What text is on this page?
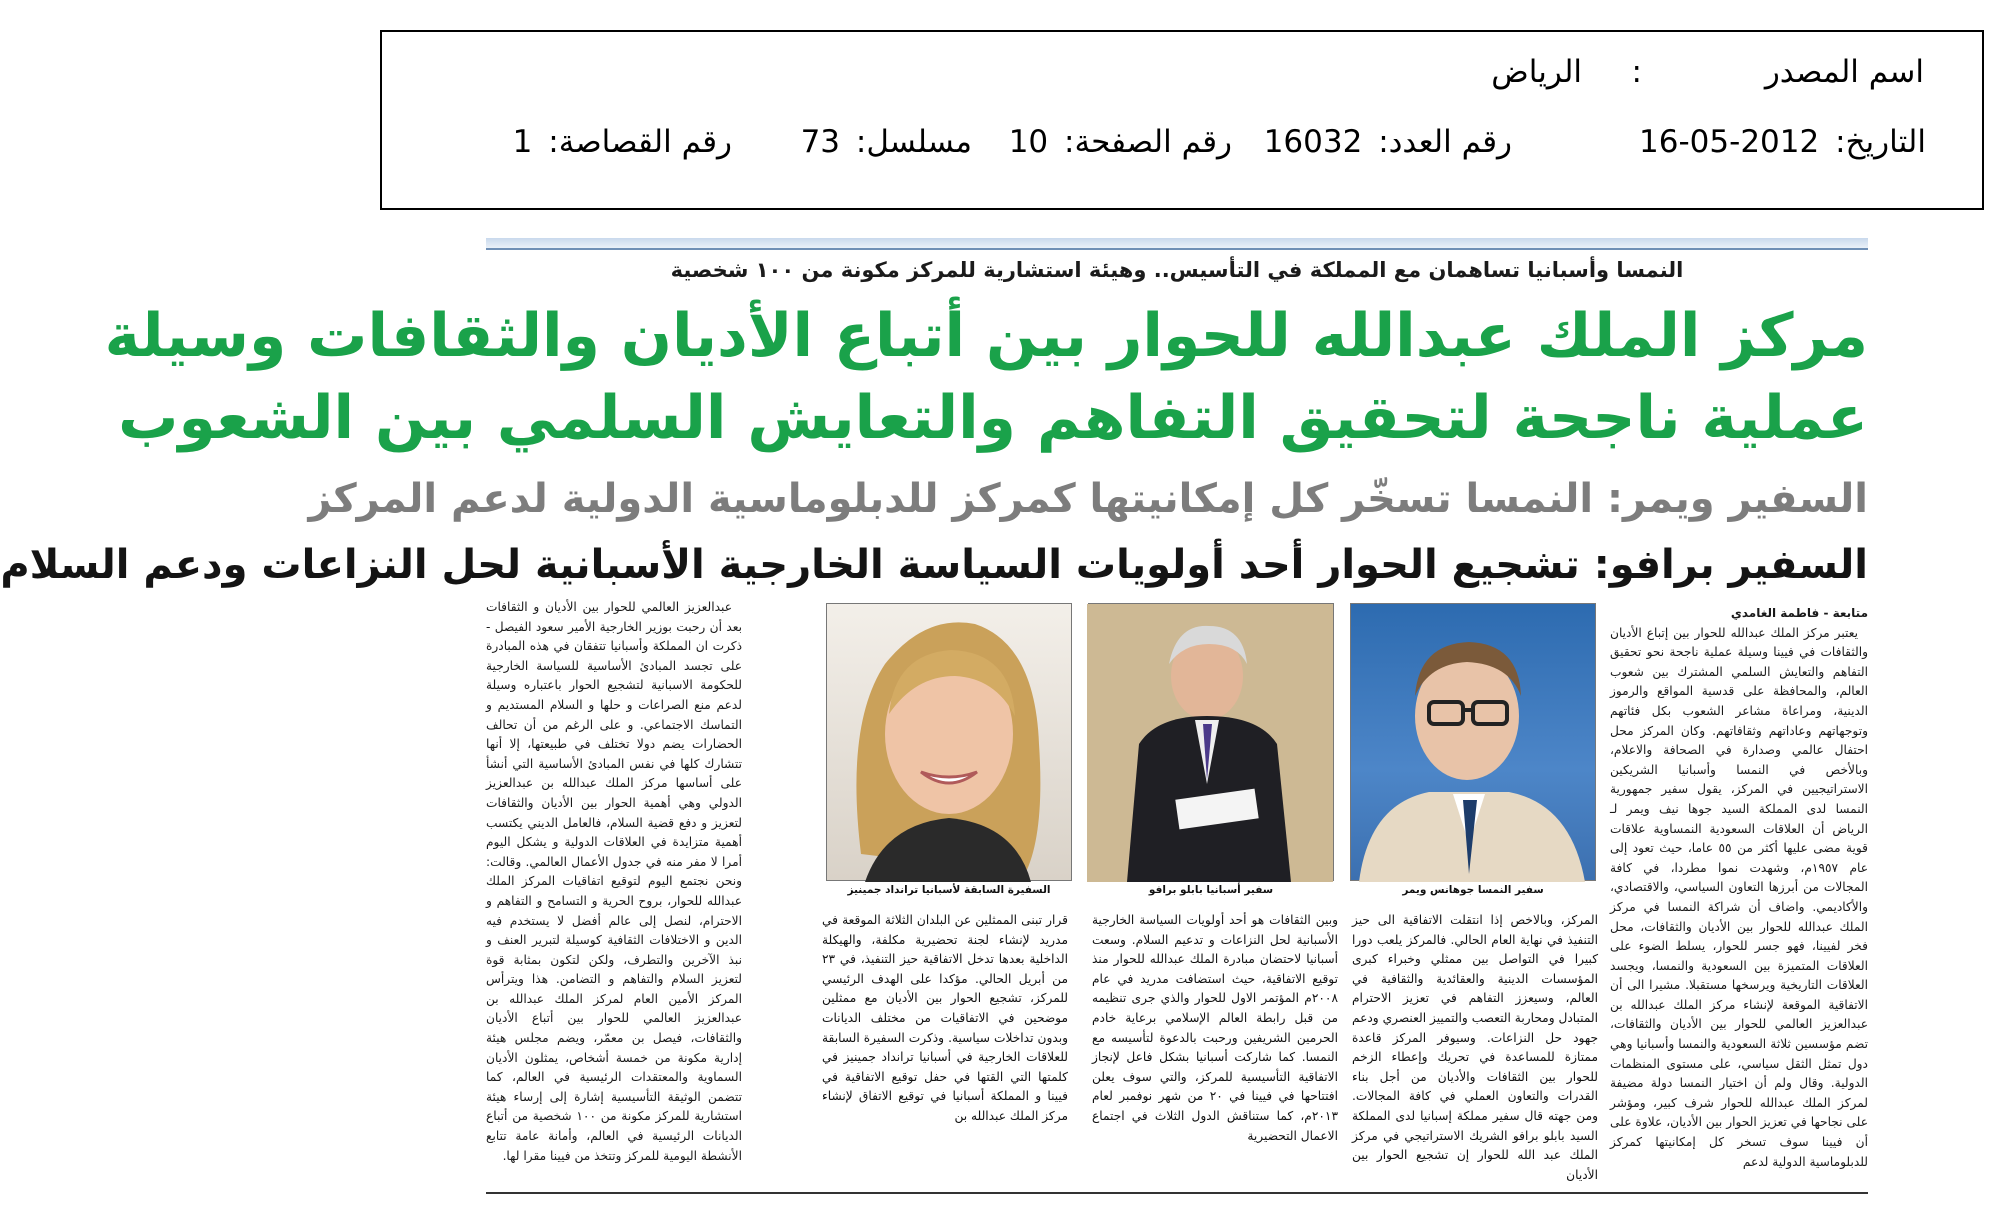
اسم المصدر
:
الرياض
التاريخ: 2012-05-16
رقم العدد: 16032
رقم الصفحة: 10
مسلسل: 73
رقم القصاصة: 1
النمسا وأسبانيا تساهمان مع المملكة في التأسيس.. وهيئة استشارية للمركز مكونة من ١٠٠ شخصية
مركز الملك عبدالله للحوار بين أتباع الأديان والثقافات وسيلة
عملية ناجحة لتحقيق التفاهم والتعايش السلمي بين الشعوب
السفير ويمر: النمسا تسخّر كل إمكانيتها كمركز للدبلوماسية الدولية لدعم المركز
السفير برافو: تشجيع الحوار أحد أولويات السياسة الخارجية الأسبانية لحل النزاعات ودعم السلام
متابعة - فاطمة الغامدي

يعتبر مركز الملك عبدالله للحوار بين إتباع الأديان والثقافات في فيينا وسيلة عملية ناجحة نحو تحقيق التفاهم والتعايش السلمي المشترك بين شعوب العالم، والمحافظة على قدسية المواقع والرموز الدينية، ومراعاة مشاعر الشعوب بكل فئاتهم وتوجهاتهم وعاداتهم وثقافاتهم. وكان المركز محل احتفال عالمي وصدارة في الصحافة والاعلام، وبالأخص في النمسا وأسبانيا الشريكين الاستراتيجيين في المركز، يقول سفير جمهورية النمسا لدى المملكة السيد جوها نيف ويمر لـ الرياض أن العلاقات السعودية النمساوية علاقات قوية مضى عليها أكثر من ٥٥ عاما، حيث تعود إلى عام ١٩٥٧م، وشهدت نموا مطردا، في كافة المجالات من أبرزها التعاون السياسي، والاقتصادي، والأكاديمي. واضاف أن شراكة النمسا في مركز الملك عبدالله للحوار بين الأديان والثقافات، محل فخر لفيينا، فهو جسر للحوار، يسلط الضوء على العلاقات المتميزة بين السعودية والنمسا، ويجسد العلاقات التاريخية ويرسخها مستقبلا. مشيرا الى أن الاتفاقية الموقعة لإنشاء مركز الملك عبدالله بن عبدالعزيز العالمي للحوار بين الأديان والثقافات، تضم مؤسسين ثلاثة السعودية والنمسا وأسبانيا وهي دول تمثل الثقل سياسي، على مستوى المنظمات الدولية. وقال ولم أن اختيار النمسا دولة مضيفة لمركز الملك عبدالله للحوار شرف كبير، ومؤشر على نجاحها في تعزيز الحوار بين الأديان، علاوة على أن فيينا سوف تسخر كل إمكانيتها كمركز للدبلوماسية الدولية لدعم

سفير النمسا جوهانس ويمر
سفير أسبانيا بابلو برافو
السفيرة السابقة لأسبانيا ترانداد جمينيز

المركز، وبالاخص إذا انتقلت الاتفاقية الى حيز التنفيذ في نهاية العام الحالي. فالمركز يلعب دورا كبيرا في التواصل بين ممثلي وخبراء كبرى المؤسسات الدينية والعقائدية والثقافية في العالم، وسيعزز التفاهم في تعزيز الاحترام المتبادل ومحاربة التعصب والتمييز العنصري ودعم جهود حل النزاعات. وسيوفر المركز قاعدة ممتازة للمساعدة في تحريك وإعطاء الزخم للحوار بين الثقافات والأديان من أجل بناء القدرات والتعاون العملي في كافة المجالات. ومن جهته قال سفير مملكة إسبانيا لدى المملكة السيد بابلو برافو الشريك الاستراتيجي في مركز الملك عبد الله للحوار إن تشجيع الحوار بين الأديان

وبين الثقافات هو أحد أولويات السياسة الخارجية الأسبانية لحل النزاعات و تدعيم السلام. وسعت أسبانيا لاحتضان مبادرة الملك عبدالله للحوار منذ توقيع الاتفاقية، حيث استضافت مدريد في عام ٢٠٠٨م المؤتمر الاول للحوار والذي جرى تنظيمه من قبل رابطة العالم الإسلامي برعاية خادم الحرمين الشريفين ورحبت بالدعوة لتأسيسه مع النمسا. كما شاركت أسبانيا بشكل فاعل لإنجاز الاتفاقية التأسيسية للمركز، والتي سوف يعلن افتتاحها في فيينا في ٢٠ من شهر نوفمبر لعام ٢٠١٣م، كما ستناقش الدول الثلاث في اجتماع الاعمال التحضيرية

قرار تبنى الممثلين عن البلدان الثلاثة الموقعة في مدريد لإنشاء لجنة تحضيرية مكلفة، والهيكلة الداخلية بعدها تدخل الاتفاقية حيز التنفيذ، في ٢٣ من أبريل الحالي. مؤكدا على الهدف الرئيسي للمركز، تشجيع الحوار بين الأديان مع ممثلين موضحين في الاتفاقيات من مختلف الديانات وبدون تداخلات سياسية. وذكرت السفيرة السابقة للعلاقات الخارجية في أسبانيا ترانداد جمينيز في كلمتها التي القتها في حفل توقيع الاتفاقية في فيينا و المملكة أسبانيا في توقيع الاتفاق لإنشاء مركز الملك عبدالله بن

عبدالعزيز العالمي للحوار بين الأديان و الثقافات بعد أن رحبت بوزير الخارجية الأمير سعود الفيصل - ذكرت ان المملكة وأسبانيا تتفقان في هذه المبادرة على تجسد المبادئ الأساسية للسياسة الخارجية للحكومة الاسبانية لتشجيع الحوار باعتباره وسيلة لدعم منع الصراعات و حلها و السلام المستديم و التماسك الاجتماعي. و على الرغم من أن تحالف الحضارات يضم دولا تختلف في طبيعتها، إلا أنها تتشارك كلها في نفس المبادئ الأساسية التي أنشأ على أساسها مركز الملك عبدالله بن عبدالعزيز الدولي وهي أهمية الحوار بين الأديان والثقافات لتعزيز و دفع قضية السلام، فالعامل الديني يكتسب أهمية متزايدة في العلاقات الدولية و يشكل اليوم أمرا لا مفر منه في جدول الأعمال العالمي. وقالت: ونحن نجتمع اليوم لتوقيع اتفاقيات المركز الملك عبدالله للحوار، بروح الحرية و التسامح و التفاهم و الاحترام، لنصل إلى عالم أفضل لا يستخدم فيه الدين و الاختلافات الثقافية كوسيلة لتبرير العنف و نبذ الآخرين والتطرف، ولكن لتكون بمثابة قوة لتعزيز السلام والتفاهم و التضامن. هذا ويترأس المركز الأمين العام لمركز الملك عبدالله بن عبدالعزيز العالمي للحوار بين أتباع الأديان والثقافات، فيصل بن معمّر، ويضم مجلس هيئة إدارية مكونة من خمسة أشخاص، يمثلون الأديان السماوية والمعتقدات الرئيسية في العالم، كما تتضمن الوثيقة التأسيسية إشارة إلى إرساء هيئة استشارية للمركز مكونة من ١٠٠ شخصية من أتباع الديانات الرئيسية في العالم، وأمانة عامة تتابع الأنشطة اليومية للمركز وتتخذ من فيينا مقرا لها.
